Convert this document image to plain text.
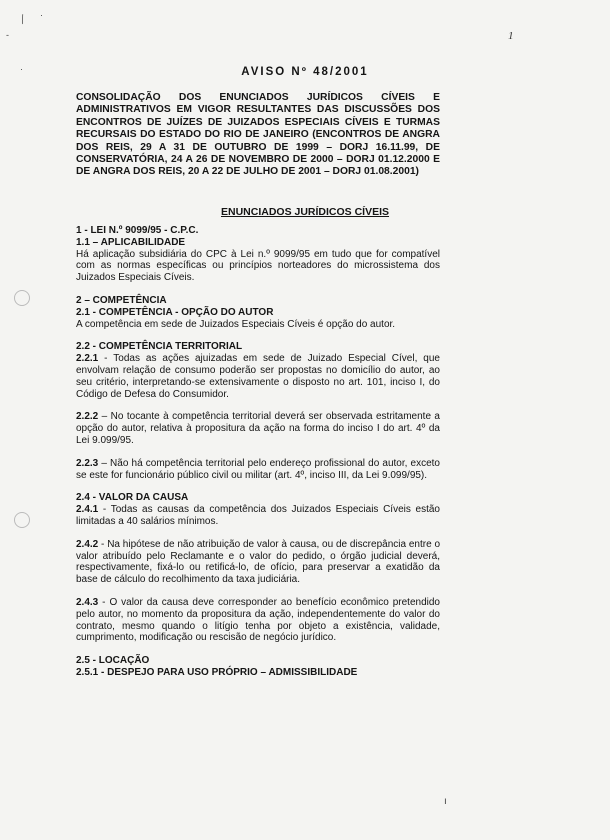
∕ ·
-
·
ı
1
AVISO Nº 48/2001
CONSOLIDAÇÃO DOS ENUNCIADOS JURÍDICOS CÍVEIS E ADMINISTRATIVOS EM VIGOR RESULTANTES DAS DISCUSSÕES DOS ENCONTROS DE JUÍZES DE JUIZADOS ESPECIAIS CÍVEIS E TURMAS RECURSAIS DO ESTADO DO RIO DE JANEIRO (ENCONTROS DE ANGRA DOS REIS, 29 A 31 DE OUTUBRO DE 1999 – DORJ 16.11.99, DE CONSERVATÓRIA, 24 A 26 DE NOVEMBRO DE 2000 – DORJ 01.12.2000 E DE ANGRA DOS REIS, 20 A 22 DE JULHO DE 2001 – DORJ 01.08.2001)
ENUNCIADOS JURÍDICOS CÍVEIS

1 - LEI N.º 9099/95 - C.P.C.

1.1 – APLICABILIDADE

Há aplicação subsidiária do CPC à Lei n.º 9099/95 em tudo que for compatível com as normas específicas ou princípios norteadores do microssistema dos Juizados Especiais Cíveis.

2 – COMPETÊNCIA

2.1 - COMPETÊNCIA - OPÇÃO DO AUTOR

A competência em sede de Juizados Especiais Cíveis é opção do autor.

2.2 - COMPETÊNCIA TERRITORIAL

2.2.1 - Todas as ações ajuizadas em sede de Juizado Especial Cível, que envolvam relação de consumo poderão ser propostas no domicílio do autor, ao seu critério, interpretando-se extensivamente o disposto no art. 101, inciso I, do Código de Defesa do Consumidor.

2.2.2 – No tocante à competência territorial deverá ser observada estritamente a opção do autor, relativa à propositura da ação na forma do inciso I do art. 4º da Lei 9.099/95.

2.2.3 – Não há competência territorial pelo endereço profissional do autor, exceto se este for funcionário público civil ou militar (art. 4º, inciso III, da Lei 9.099/95).

2.4 - VALOR DA CAUSA

2.4.1 - Todas as causas da competência dos Juizados Especiais Cíveis estão limitadas a 40 salários mínimos.

2.4.2 - Na hipótese de não atribuição de valor à causa, ou de discrepância entre o valor atribuído pelo Reclamante e o valor do pedido, o órgão judicial deverá, respectivamente, fixá-lo ou retificá-lo, de ofício, para preservar a exatidão da base de cálculo do recolhimento da taxa judiciária.

2.4.3 - O valor da causa deve corresponder ao benefício econômico pretendido pelo autor, no momento da propositura da ação, independentemente do valor do contrato, mesmo quando o litígio tenha por objeto a existência, validade, cumprimento, modificação ou rescisão de negócio jurídico.

2.5 - LOCAÇÃO

2.5.1 - DESPEJO PARA USO PRÓPRIO – ADMISSIBILIDADE
